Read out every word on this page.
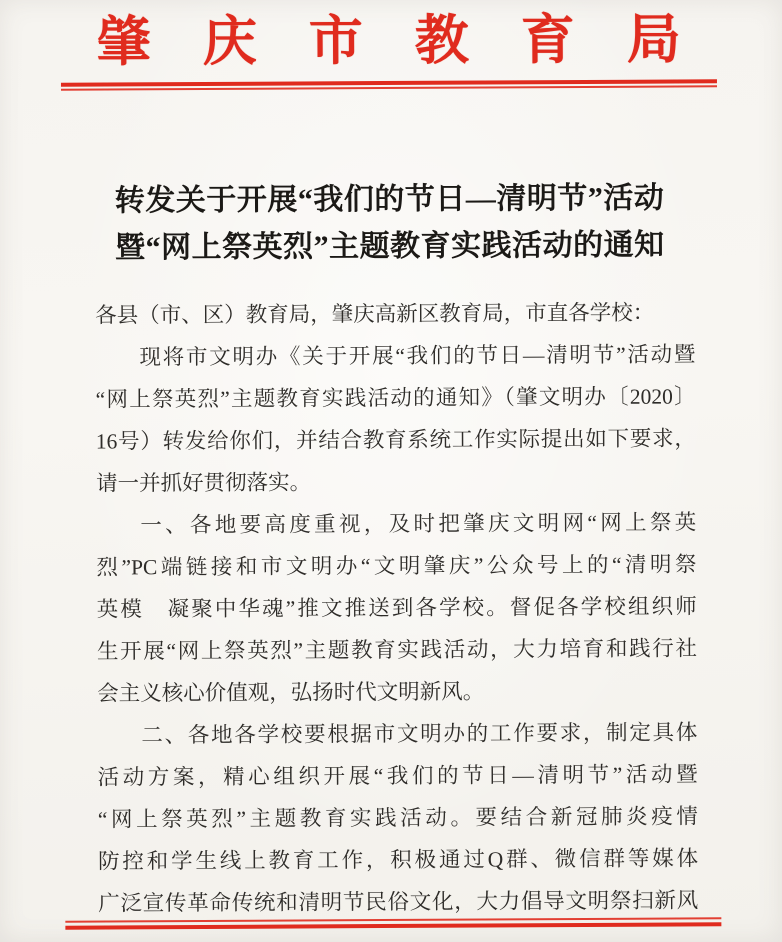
肇庆市教育局
转发关于开展“我们的节日—清明节”活动
暨“网上祭英烈”主题教育实践活动的通知
各县（市、区）教育局，肇庆高新区教育局，市直各学校：
现将市文明办《关于开展“我们的节日—清明节”活动暨
“网上祭英烈”主题教育实践活动的通知》（肇文明办〔2020〕
16号）转发给你们，并结合教育系统工作实际提出如下要求，
请一并抓好贯彻落实。
一、各地要高度重视，及时把肇庆文明网“网上祭英
烈”PC端链接和市文明办“文明肇庆”公众号上的“清明祭
英模　凝聚中华魂”推文推送到各学校。督促各学校组织师
生开展“网上祭英烈”主题教育实践活动，大力培育和践行社
会主义核心价值观，弘扬时代文明新风。
二、各地各学校要根据市文明办的工作要求，制定具体
活动方案，精心组织开展“我们的节日—清明节”活动暨
“网上祭英烈”主题教育实践活动。要结合新冠肺炎疫情
防控和学生线上教育工作，积极通过Q群、微信群等媒体
广泛宣传革命传统和清明节民俗文化，大力倡导文明祭扫新风
